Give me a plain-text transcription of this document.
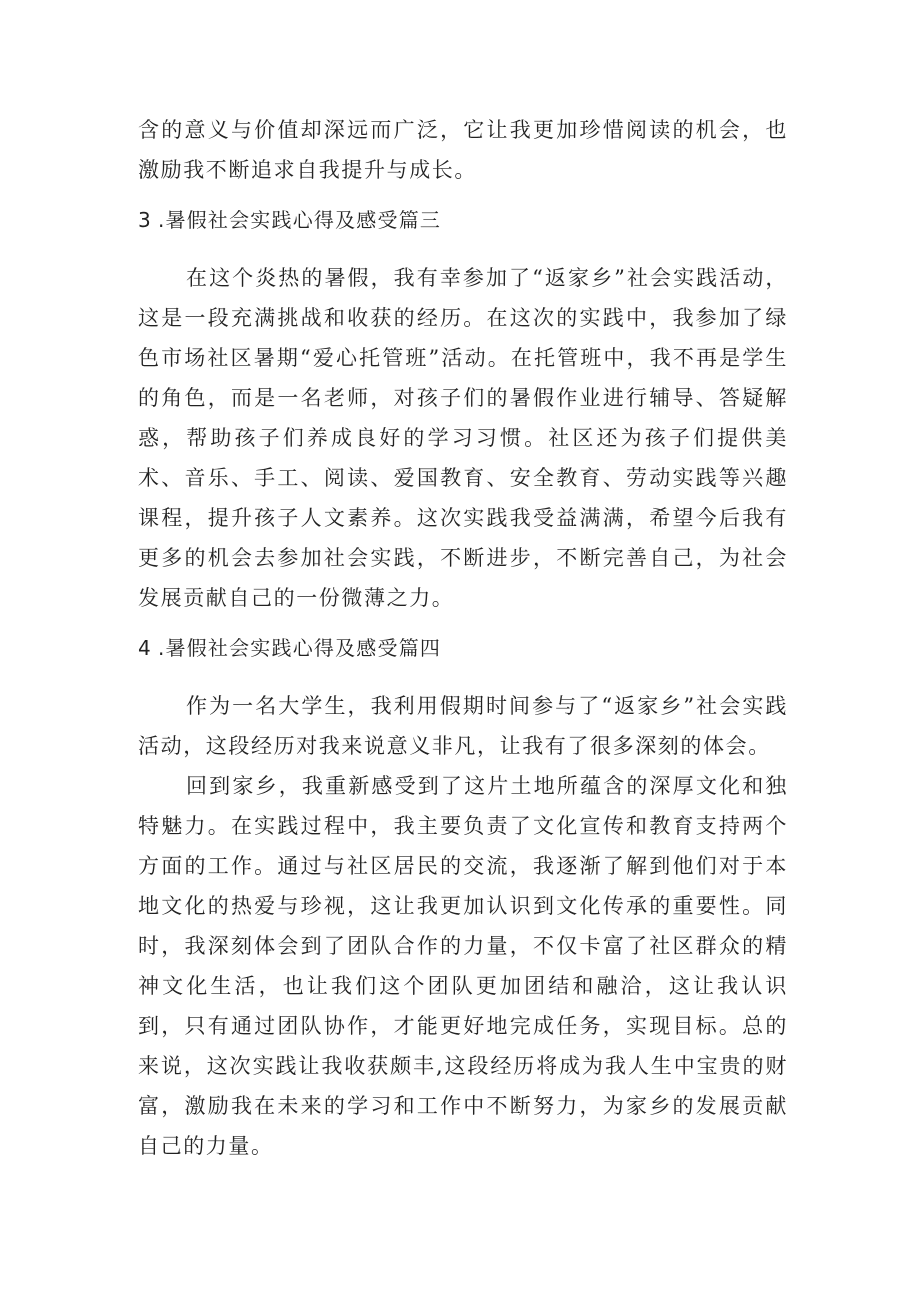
含的意义与价值却深远而广泛，它让我更加珍惜阅读的机会，也激励我不断追求自我提升与成长。

3 .暑假社会实践心得及感受篇三

在这个炎热的暑假，我有幸参加了“返家乡”社会实践活动，这是一段充满挑战和收获的经历。在这次的实践中，我参加了绿色市场社区暑期“爱心托管班”活动。在托管班中，我不再是学生的角色，而是一名老师，对孩子们的暑假作业进行辅导、答疑解惑，帮助孩子们养成良好的学习习惯。社区还为孩子们提供美术、音乐、手工、阅读、爱国教育、安全教育、劳动实践等兴趣课程，提升孩子人文素养。这次实践我受益满满，希望今后我有更多的机会去参加社会实践，不断进步，不断完善自己，为社会发展贡献自己的一份微薄之力。

4 .暑假社会实践心得及感受篇四

作为一名大学生，我利用假期时间参与了“返家乡”社会实践活动，这段经历对我来说意义非凡，让我有了很多深刻的体会。

回到家乡，我重新感受到了这片土地所蕴含的深厚文化和独特魅力。在实践过程中，我主要负责了文化宣传和教育支持两个方面的工作。通过与社区居民的交流，我逐渐了解到他们对于本地文化的热爱与珍视，这让我更加认识到文化传承的重要性。同时，我深刻体会到了团队合作的力量，不仅卡富了社区群众的精神文化生活，也让我们这个团队更加团结和融洽，这让我认识到，只有通过团队协作，才能更好地完成任务，实现目标。总的来说，这次实践让我收获颇丰,这段经历将成为我人生中宝贵的财富，激励我在未来的学习和工作中不断努力，为家乡的发展贡献自己的力量。
